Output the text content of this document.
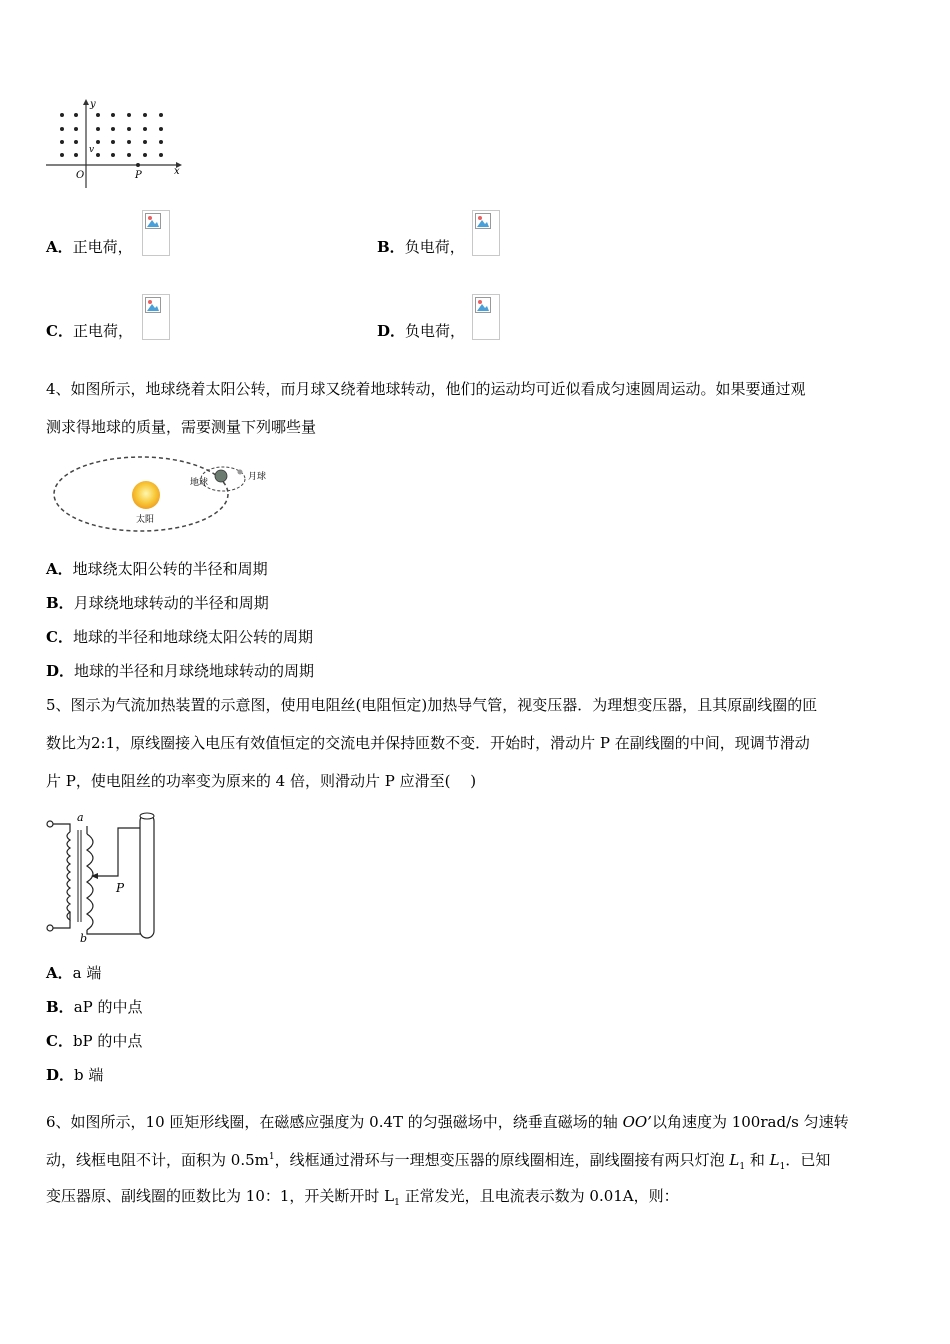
y
v
O	P	x
A．正电荷，	B．负电荷，
C．正电荷，	D．负电荷，
4、如图所示，地球绕着太阳公转，而月球又绕着地球转动，他们的运动均可近似看成匀速圆周运动。如果要通过观
测求得地球的质量，需要测量下列哪些量
地球
月球
太阳
A．地球绕太阳公转的半径和周期
B．月球绕地球转动的半径和周期
C．地球的半径和地球绕太阳公转的周期
D．地球的半径和月球绕地球转动的周期
5、图示为气流加热装置的示意图，使用电阻丝(电阻恒定)加热导气管，视变压器．为理想变压器，且其原副线圈的匝
数比为2:1，原线圈接入电压有效值恒定的交流电并保持匝数不变．开始时，滑动片 P 在副线圈的中间，现调节滑动
片 P，使电阻丝的功率变为原来的 4 倍，则滑动片 P 应滑至(　 )
a
b
P
A．a 端
B．aP 的中点
C．bP 的中点
D．b 端
6、如图所示，10 匝矩形线圈，在磁感应强度为 0.4T 的匀强磁场中，绕垂直磁场的轴 OO’以角速度为 100rad/s 匀速转
动，线框电阻不计，面积为 $0.5m^1$，线框通过滑环与一理想变压器的原线圈相连，副线圈接有两只灯泡 $L_1$ 和 $L_1$．已知
变压器原、副线圈的匝数比为 10：1，开关断开时 $L_1$ 正常发光，且电流表示数为 0.01A，则：
